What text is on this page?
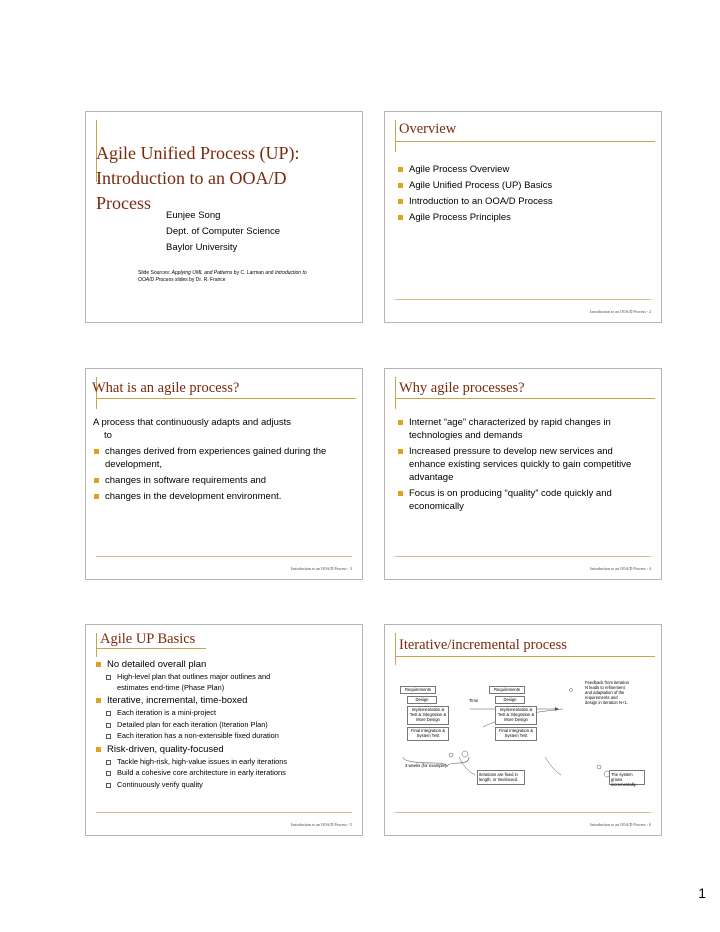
Agile Unified Process (UP):
Introduction to an OOA/D
Process
Eunjee Song
Dept. of Computer Science
Baylor University
Slide Sources: Applying UML and Patterns by C. Larman and Introduction to
OOA/D Process slides by Dr. R. France
Overview
Agile Process Overview
Agile Unified Process (UP) Basics
Introduction to an OOA/D Process
Agile Process Principles
Introduction to an OOA/D Process - 2
What is an agile process?
A process that continuously adapts and adjusts
to
changes derived from experiences gained during the development,
changes in software requirements and
changes in the development environment.
Introduction to an OOA/D Process - 3
Why agile processes?
Internet “age” characterized by rapid changes in technologies and demands
Increased pressure to develop new services and enhance existing services quickly to gain competitive advantage
Focus is on producing “quality” code quickly and economically
Introduction to an OOA/D Process - 4
Agile UP Basics
No detailed overall plan
High-level plan that outlines major outlines and estimates end-time (Phase Plan)
Iterative, incremental, time-boxed
Each iteration is a mini-project
Detailed plan for each iteration (Iteration Plan)
Each iteration has a non-extensible fixed duration
Risk-driven, quality-focused
Tackle high-risk, high-value issues in early iterations
Build a cohesive core architecture in early iterations
Continuously verify quality
Introduction to an OOA/D Process - 5
Iterative/incremental process
Requirements
Design
Implementation & Test & Integration & More Design
Final Integration & System Test
Requirements
Design
Implementation & Test & Integration & More Design
Final Integration & System Test
Time
Feedback from iteration N leads to refinement and adaptation of the requirements and design in iteration N+1.
3 weeks (for example)
Iterations are fixed in length, or timeboxed.
The system grows incrementally.
Introduction to an OOA/D Process - 6
1
